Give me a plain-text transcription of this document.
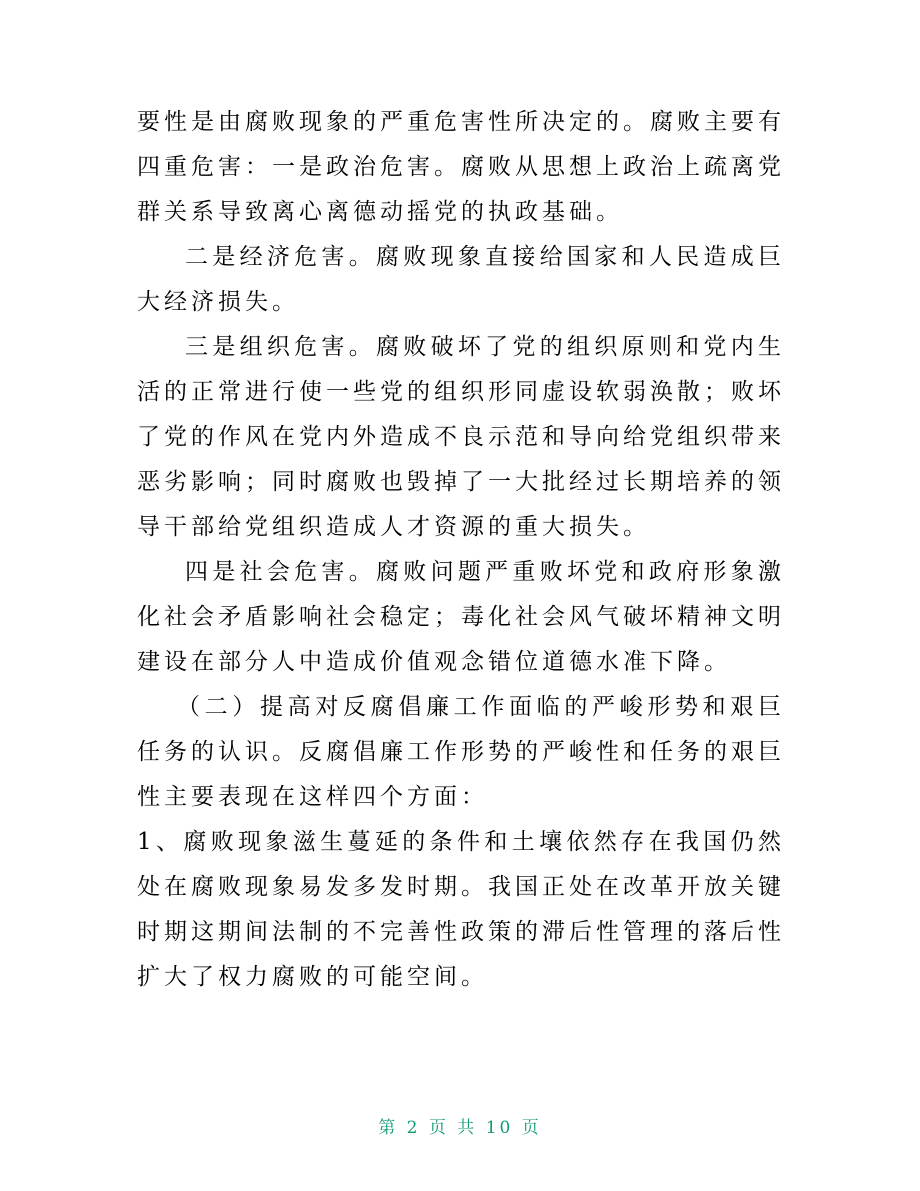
要性是由腐败现象的严重危害性所决定的。腐败主要有四重危害：一是政治危害。腐败从思想上政治上疏离党群关系导致离心离德动摇党的执政基础。

二是经济危害。腐败现象直接给国家和人民造成巨大经济损失。

三是组织危害。腐败破坏了党的组织原则和党内生活的正常进行使一些党的组织形同虚设软弱涣散；败坏了党的作风在党内外造成不良示范和导向给党组织带来恶劣影响；同时腐败也毁掉了一大批经过长期培养的领导干部给党组织造成人才资源的重大损失。

四是社会危害。腐败问题严重败坏党和政府形象激化社会矛盾影响社会稳定；毒化社会风气破坏精神文明建设在部分人中造成价值观念错位道德水准下降。

（二）提高对反腐倡廉工作面临的严峻形势和艰巨任务的认识。反腐倡廉工作形势的严峻性和任务的艰巨性主要表现在这样四个方面：

1、腐败现象滋生蔓延的条件和土壤依然存在我国仍然处在腐败现象易发多发时期。我国正处在改革开放关键时期这期间法制的不完善性政策的滞后性管理的落后性扩大了权力腐败的可能空间。

第 2 页 共 10 页
